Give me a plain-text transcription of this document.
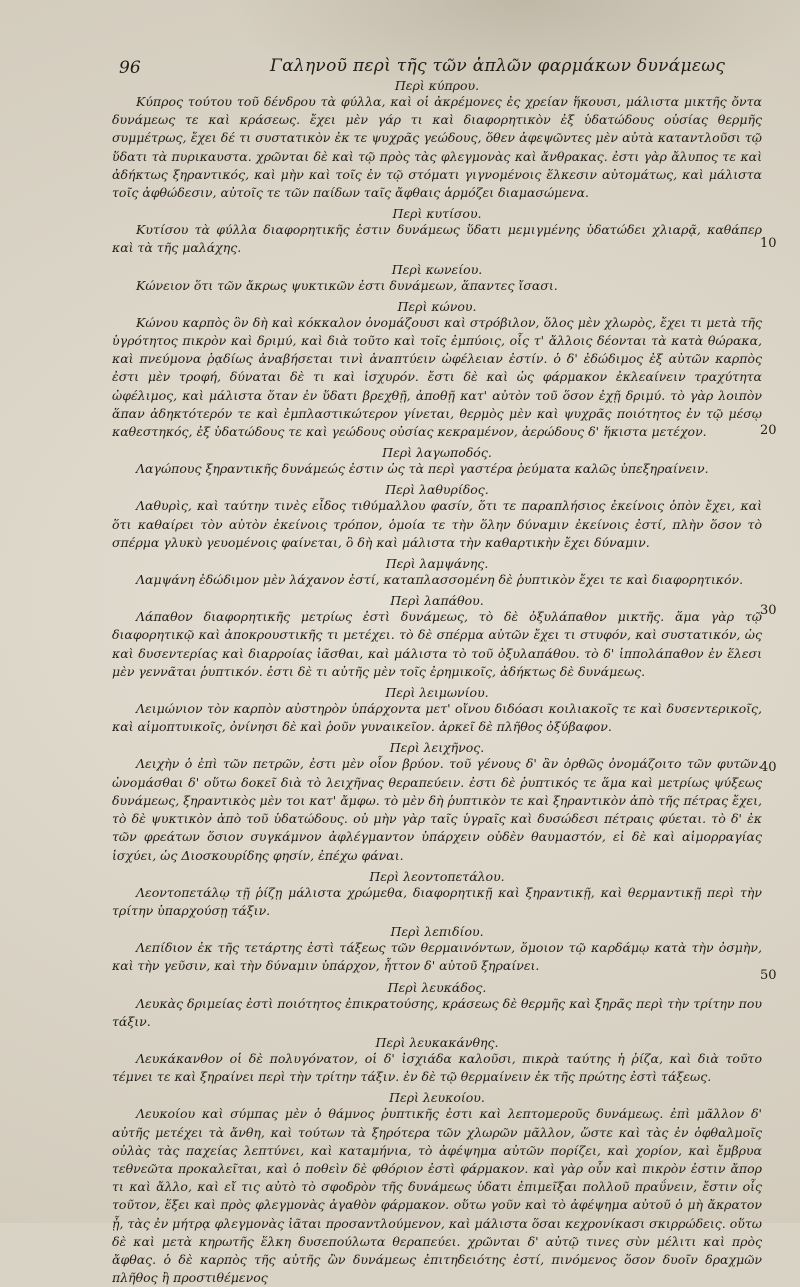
96	Γαληνοῦ περὶ τῆς τῶν ἁπλῶν φαρμάκων δυνάμεως
10
20
30
40
50
Περὶ κύπρου.

Κύπρος τούτου τοῦ δένδρου τὰ φύλλα, καὶ οἱ ἀκρέμονες ἐς χρείαν ἥκουσι, μάλιστα μικτῆς ὄντα δυνάμεως τε καὶ κράσεως. ἔχει μὲν γάρ τι καὶ διαφορητικὸν ἐξ ὑδατώδους οὐσίας θερμῆς συμμέτρως, ἔχει δέ τι συστατικὸν ἐκ τε ψυχρᾶς γεώδους, ὅθεν ἀφεψῶντες μὲν αὐτὰ καταντλοῦσι τῷ ὕδατι τὰ πυρικαυστα. χρῶνται δὲ καὶ τῷ πρὸς τὰς φλεγμονὰς καὶ ἄνθρακας. ἐστι γὰρ ἄλυπος τε καὶ ἀδήκτως ξηραντικός, καὶ μὴν καὶ τοῖς ἐν τῷ στόματι γιγνομένοις ἕλκεσιν αὐτομάτως, καὶ μάλιστα τοῖς ἀφθώδεσιν, αὐτοῖς τε τῶν παίδων ταῖς ἄφθαις ἁρμόζει διαμασώμενα.

Περὶ κυτίσου.

Κυτίσου τὰ φύλλα διαφορητικῆς ἐστιν δυνάμεως ὕδατι μεμιγμένης ὑδατώδει χλιαρᾷ, καθάπερ καὶ τὰ τῆς μαλάχης.

Περὶ κωνείου.

Κώνειον ὅτι τῶν ἄκρως ψυκτικῶν ἐστι δυνάμεων, ἅπαντες ἴσασι.

Περὶ κώνου.

Κώνου καρπὸς ὃν δὴ καὶ κόκκαλον ὀνομάζουσι καὶ στρόβιλον, ὅλος μὲν χλωρὸς, ἔχει τι μετὰ τῆς ὑγρότητος πικρὸν καὶ δριμύ, καὶ διὰ τοῦτο καὶ τοῖς ἐμπύοις, οἷς τ' ἄλλοις δέονται τὰ κατὰ θώρακα, καὶ πνεύμονα ῥᾳδίως ἀναβήσεται τινὶ ἀναπτύειν ὠφέλειαν ἐστίν. ὁ δ' ἐδώδιμος ἐξ αὐτῶν καρπὸς ἐστι μὲν τροφή, δύναται δὲ τι καὶ ἰσχυρόν. ἔστι δὲ καὶ ὡς φάρμακον ἐκλεαίνειν τραχύτητα ὠφέλιμος, καὶ μάλιστα ὅταν ἐν ὕδατι βρεχθῇ, ἀποθῇ κατ' αὐτὸν τοῦ ὅσον ἐχῇ δριμύ. τὸ γὰρ λοιπὸν ἅπαν ἀδηκτότερόν τε καὶ ἐμπλαστικώτερον γίνεται, θερμὸς μὲν καὶ ψυχρᾶς ποιότητος ἐν τῷ μέσῳ καθεστηκός, ἐξ ὑδατώδους τε καὶ γεώδους οὐσίας κεκραμένον, ἀερώδους δ' ἥκιστα μετέχον.

Περὶ λαγωποδός.

Λαγώπους ξηραντικῆς δυνάμεώς ἐστιν ὡς τὰ περὶ γαστέρα ῥεύματα καλῶς ὑπεξηραίνειν.

Περὶ λαθυρίδος.

Λαθυρὶς, καὶ ταύτην τινὲς εἶδος τιθύμαλλου φασίν, ὅτι τε παραπλήσιος ἐκείνοις ὁπὸν ἔχει, καὶ ὅτι καθαίρει τὸν αὐτὸν ἐκείνοις τρόπον, ὁμοία τε τὴν ὅλην δύναμιν ἐκείνοις ἐστί, πλὴν ὅσον τὸ σπέρμα γλυκὺ γευομένοις φαίνεται, ὃ δὴ καὶ μάλιστα τὴν καθαρτικὴν ἔχει δύναμιν.

Περὶ λαμψάνης.

Λαμψάνη ἐδώδιμον μὲν λάχανον ἐστί, καταπλασσομένη δὲ ῥυπτικὸν ἔχει τε καὶ διαφορητικόν.

Περὶ λαπάθου.

Λάπαθον διαφορητικῆς μετρίως ἐστὶ δυνάμεως, τὸ δὲ ὀξυλάπαθον μικτῆς. ἅμα γὰρ τῷ διαφορητικῷ καὶ ἀποκρουστικῆς τι μετέχει. τὸ δὲ σπέρμα αὐτῶν ἔχει τι στυφόν, καὶ συστατικόν, ὡς καὶ δυσεντερίας καὶ διαρροίας ἰᾶσθαι, καὶ μάλιστα τὸ τοῦ ὀξυλαπάθου. τὸ δ' ἱππολάπαθον ἐν ἕλεσι μὲν γεννᾶται ῥυπτικόν. ἐστι δὲ τι αὐτῆς μὲν τοῖς ἐρημικοῖς, ἀδήκτως δὲ δυνάμεως.

Περὶ λειμωνίου.

Λειμώνιον τὸν καρπὸν αὐστηρὸν ὑπάρχοντα μετ' οἴνου διδόασι κοιλιακοῖς τε καὶ δυσεντερικοῖς, καὶ αἱμοπτυικοῖς, ὀνίνησι δὲ καὶ ῥοῦν γυναικεῖον. ἀρκεῖ δὲ πλῆθος ὀξύβαφον.

Περὶ λειχῆνος.

Λειχὴν ὁ ἐπὶ τῶν πετρῶν, ἐστι μὲν οἷον βρύον. τοῦ γένους δ' ἂν ὀρθῶς ὀνομάζοιτο τῶν φυτῶν. ὠνομάσθαι δ' οὕτω δοκεῖ διὰ τὸ λειχῆνας θεραπεύειν. ἐστι δὲ ῥυπτικός τε ἅμα καὶ μετρίως ψύξεως δυνάμεως, ξηραντικὸς μὲν τοι κατ' ἄμφω. τὸ μὲν δὴ ῥυπτικὸν τε καὶ ξηραντικὸν ἀπὸ τῆς πέτρας ἔχει, τὸ δὲ ψυκτικὸν ἀπὸ τοῦ ὑδατώδους. οὐ μὴν γὰρ ταῖς ὑγραῖς καὶ δυσώδεσι πέτραις φύεται. τὸ δ' ἐκ τῶν φρεάτων ὅσιον συγκάμνον ἀφλέγμαντον ὑπάρχειν οὐδὲν θαυμαστόν, εἰ δὲ καὶ αἱμορραγίας ἰσχύει, ὡς Διοσκουρίδης φησίν, ἐπέχω φάναι.

Περὶ λεοντοπετάλου.

Λεοντοπετάλῳ τῇ ῥίζῃ μάλιστα χρώμεθα, διαφορητικῇ καὶ ξηραντικῇ, καὶ θερμαντικῇ περὶ τὴν τρίτην ὑπαρχούσῃ τάξιν.

Περὶ λεπιδίου.

Λεπίδιον ἐκ τῆς τετάρτης ἐστὶ τάξεως τῶν θερμαινόντων, ὅμοιον τῷ καρδάμῳ κατὰ τὴν ὀσμὴν, καὶ τὴν γεῦσιν, καὶ τὴν δύναμιν ὑπάρχον, ἧττον δ' αὐτοῦ ξηραίνει.

Περὶ λευκάδος.

Λευκὰς δριμείας ἐστὶ ποιότητος ἐπικρατούσης, κράσεως δὲ θερμῆς καὶ ξηρᾶς περὶ τὴν τρίτην που τάξιν.

Περὶ λευκακάνθης.

Λευκάκανθον οἱ δὲ πολυγόνατον, οἱ δ' ἰσχιάδα καλοῦσι, πικρὰ ταύτης ἡ ῥίζα, καὶ διὰ τοῦτο τέμνει τε καὶ ξηραίνει περὶ τὴν τρίτην τάξιν. ἐν δὲ τῷ θερμαίνειν ἐκ τῆς πρώτης ἐστὶ τάξεως.

Περὶ λευκοίου.

Λευκοίου καὶ σύμπας μὲν ὁ θάμνος ῥυπτικῆς ἐστι καὶ λεπτομεροῦς δυνάμεως. ἐπὶ μᾶλλον δ' αὐτῆς μετέχει τὰ ἄνθη, καὶ τούτων τὰ ξηρότερα τῶν χλωρῶν μᾶλλον, ὥστε καὶ τὰς ἐν ὀφθαλμοῖς οὐλὰς τὰς παχείας λεπτύνει, καὶ καταμήνια, τὸ ἀφέψημα αὐτῶν πορίζει, καὶ χορίον, καὶ ἔμβρυα τεθνεῶτα προκαλεῖται, καὶ ὁ ποθεὶν δὲ φθόριον ἐστὶ φάρμακον. καὶ γὰρ οὖν καὶ πικρὸν ἐστιν ἄπορ τι καὶ ἄλλο, καὶ εἴ τις αὐτὸ τὸ σφοδρὸν τῆς δυνάμεως ὑδατι ἐπιμεῖξαι πολλοῦ πραΰνειν, ἔστιν οἷς τοῦτον, ἕξει καὶ πρὸς φλεγμονὰς ἀγαθὸν φάρμακον. οὕτω γοῦν καὶ τὸ ἀφέψημα αὐτοῦ ὁ μὴ ἄκρατον ᾖ, τὰς ἐν μήτρᾳ φλεγμονὰς ἰᾶται προσαντλούμενον, καὶ μάλιστα ὅσαι κεχρονίκασι σκιρρώδεις. οὕτω δὲ καὶ μετὰ κηρωτῆς ἕλκη δυσεπούλωτα θεραπεύει. χρῶνται δ' αὐτῷ τινες σὺν μέλιτι καὶ πρὸς ἄφθας. ὁ δὲ καρπὸς τῆς αὐτῆς ὢν δυνάμεως ἐπιτηδειότης ἐστί, πινόμενος ὅσον δυοῖν δραχμῶν πλῆθος ἢ προστιθέμενος
